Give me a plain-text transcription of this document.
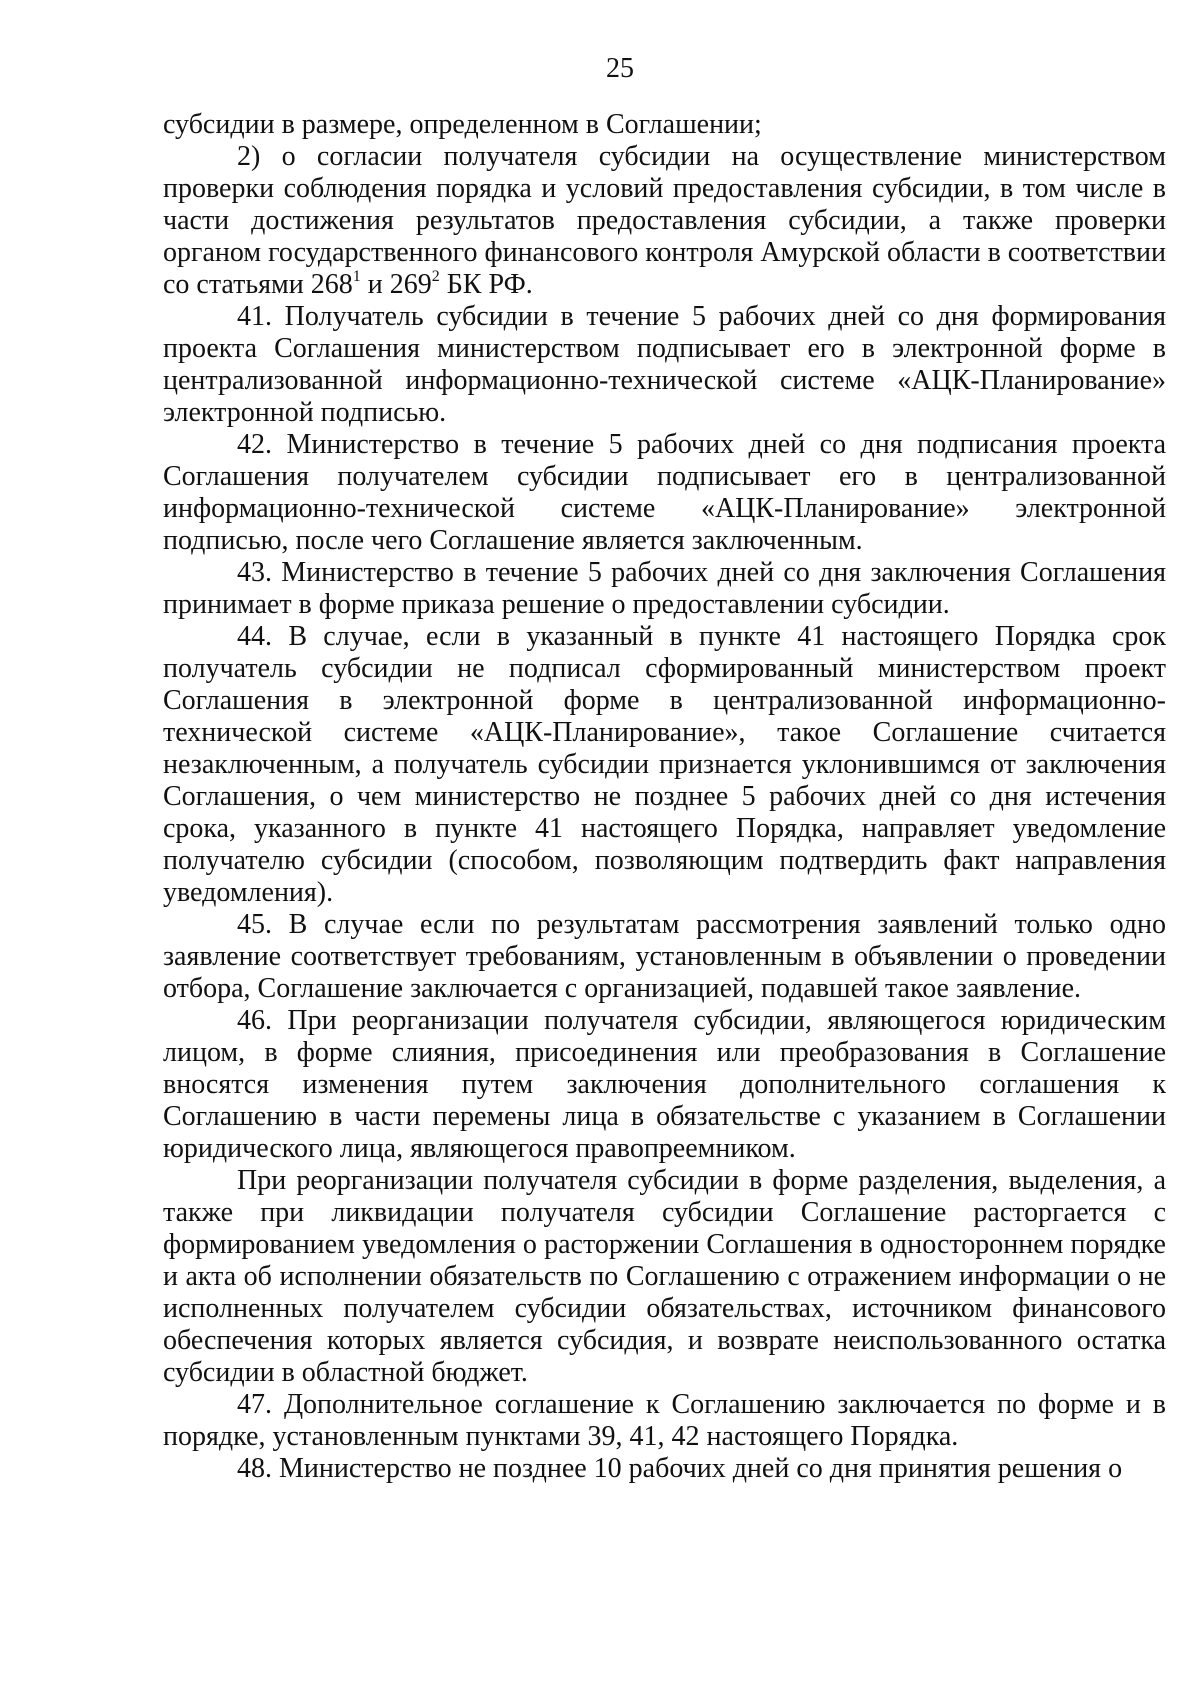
25

субсидии в размере, определенном в Соглашении;

2) о согласии получателя субсидии на осуществление министерством проверки соблюдения порядка и условий предоставления субсидии, в том числе в части достижения результатов предоставления субсидии, а также проверки органом государственного финансового контроля Амурской области в соответствии со статьями $268^1$ и $269^2$ БК РФ.

41. Получатель субсидии в течение 5 рабочих дней со дня формирования проекта Соглашения министерством подписывает его в электронной форме в централизованной информационно-технической системе «АЦК-Планирование» электронной подписью.

42. Министерство в течение 5 рабочих дней со дня подписания проекта Соглашения получателем субсидии подписывает его в централизованной информационно-технической системе «АЦК-Планирование» электронной подписью, после чего Соглашение является заключенным.

43. Министерство в течение 5 рабочих дней со дня заключения Соглашения принимает в форме приказа решение о предоставлении субсидии.

44. В случае, если в указанный в пункте 41 настоящего Порядка срок получатель субсидии не подписал сформированный министерством проект Соглашения в электронной форме в централизованной информационно-технической системе «АЦК-Планирование», такое Соглашение считается незаключенным, а получатель субсидии признается уклонившимся от заключения Соглашения, о чем министерство не позднее 5 рабочих дней со дня истечения срока, указанного в пункте 41 настоящего Порядка, направляет уведомление получателю субсидии (способом, позволяющим подтвердить факт направления уведомления).

45. В случае если по результатам рассмотрения заявлений только одно заявление соответствует требованиям, установленным в объявлении о проведении отбора, Соглашение заключается с организацией, подавшей такое заявление.

46. При реорганизации получателя субсидии, являющегося юридическим лицом, в форме слияния, присоединения или преобразования в Соглашение вносятся изменения путем заключения дополнительного соглашения к Соглашению в части перемены лица в обязательстве с указанием в Соглашении юридического лица, являющегося правопреемником.

При реорганизации получателя субсидии в форме разделения, выделения, а также при ликвидации получателя субсидии Соглашение расторгается с формированием уведомления о расторжении Соглашения в одностороннем порядке и акта об исполнении обязательств по Соглашению с отражением информации о не исполненных получателем субсидии обязательствах, источником финансового обеспечения которых является субсидия, и возврате неиспользованного остатка субсидии в областной бюджет.

47. Дополнительное соглашение к Соглашению заключается по форме и в порядке, установленным пунктами 39, 41, 42 настоящего Порядка.

48. Министерство не позднее 10 рабочих дней со дня принятия решения о
